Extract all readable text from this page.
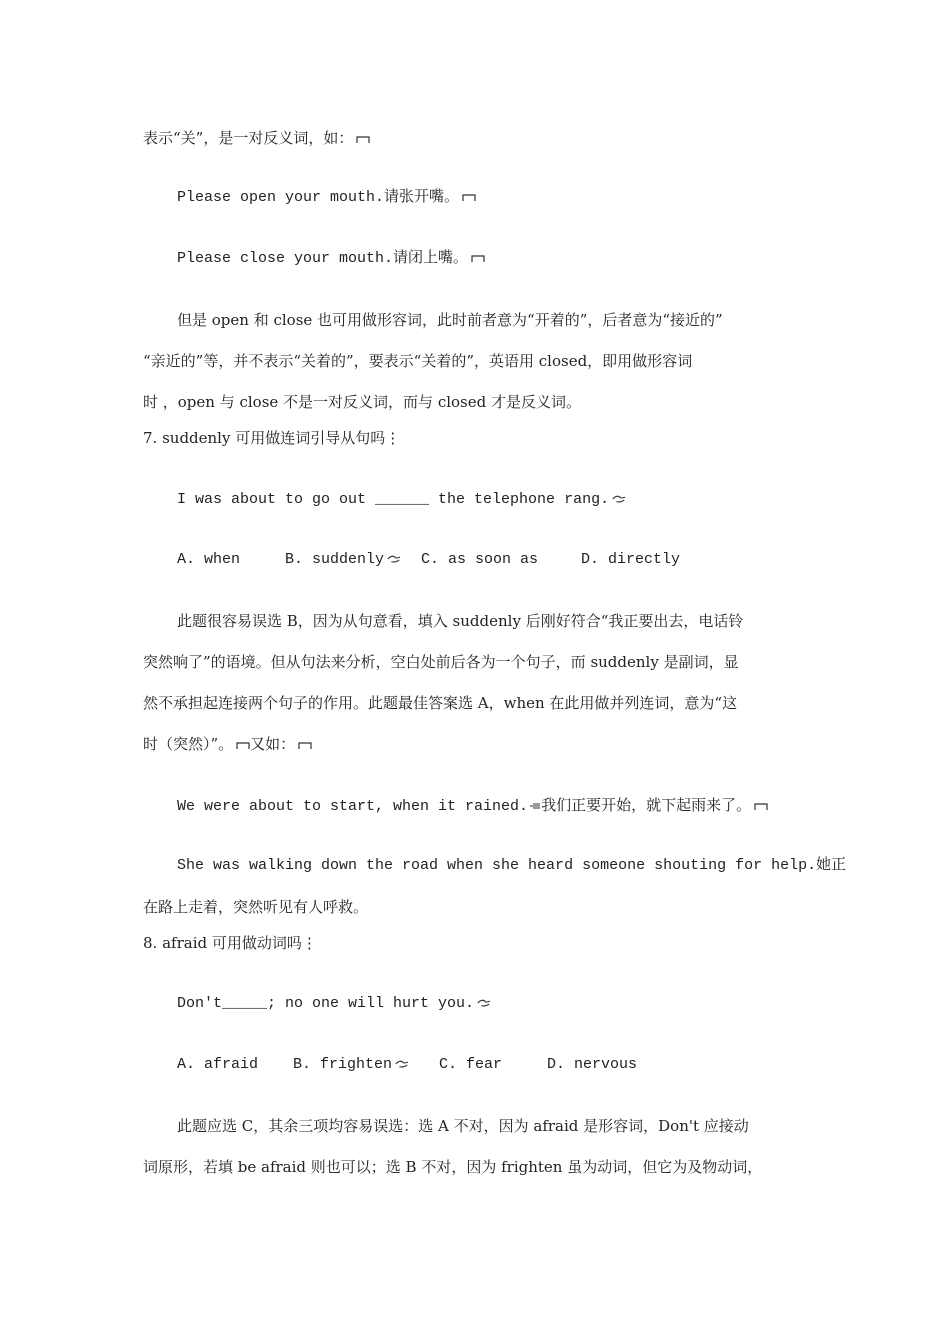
表示“关”，是一对反义词，如：
Please open your mouth.请张开嘴。
Please close your mouth.请闭上嘴。
但是 open 和 close 也可用做形容词，此时前者意为“开着的”，后者意为“接近的”
“亲近的”等，并不表示“关着的”，要表示“关着的”，英语用 closed，即用做形容词
时 ，open 与 close 不是一对反义词，而与 closed 才是反义词。
7. suddenly 可用做连词引导从句吗⋮
I was about to go out ______ the telephone rang.
A. when	B. suddenly	C. as soon as	D. directly
此题很容易误选 B，因为从句意看，填入 suddenly 后刚好符合“我正要出去，电话铃
突然响了”的语境。但从句法来分析，空白处前后各为一个句子，而 suddenly 是副词，显
然不承担起连接两个句子的作用。此题最佳答案选 A，when 在此用做并列连词，意为“这
时（突然）”。 又如：
We were about to start, when it rained. 我们正要开始，就下起雨来了。
She was walking down the road when she heard someone shouting for help.她正
在路上走着，突然听见有人呼救。
8. afraid 可用做动词吗⋮
Don't_____; no one will hurt you.
A. afraid B. frighten	C. fear	D. nervous
此题应选 C，其余三项均容易误选：选 A 不对，因为 afraid 是形容词，Don't 应接动
词原形，若填 be afraid 则也可以；选 B 不对，因为 frighten 虽为动词，但它为及物动词，
